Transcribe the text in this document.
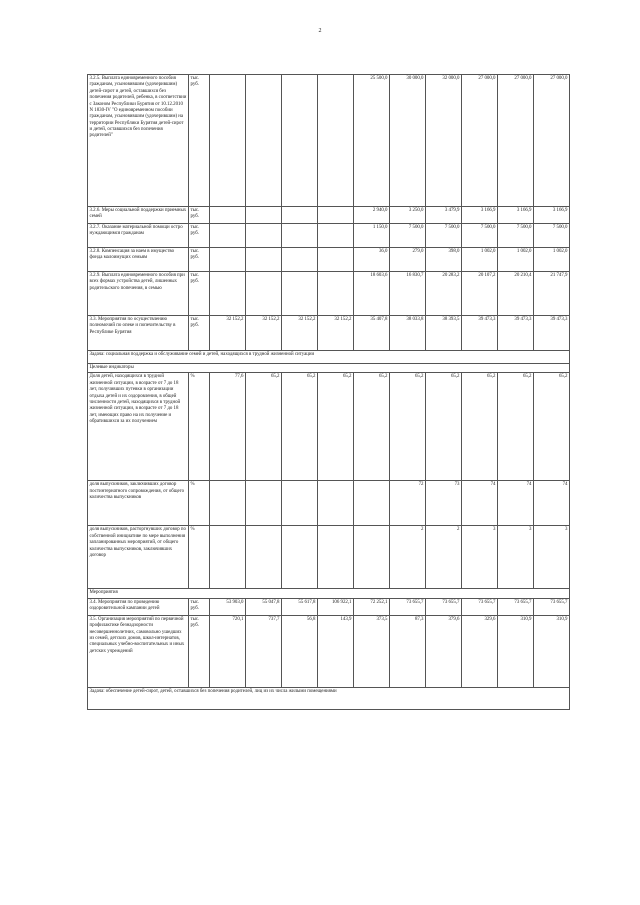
2
3.2.5. Выплата единовременного пособия гражданам, усыновившим (удочерившим) детей-сирот и детей, оставшихся без попечения родителей, ребенка, в соответствии с Законом Республики Бурятия от 10.12.2010 N 1830-IV "О единовременном пособии гражданам, усыновившим (удочерившим) на территории Республики Бурятия детей-сирот и детей, оставшихся без попечения родителей"	тыс. руб.					25 500,0	30 000,0	32 000,0	27 000,0	27 000,0	27 000,0
3.2.6. Меры социальной поддержки приемных семей	тыс. руб.					2 940,0	3 250,0	3 479,9	3 166,9	3 166,9	3 166,9
3.2.7. Оказание материальной помощи остро нуждающимся гражданам	тыс. руб.					1 150,0	7 500,0	7 500,0	7 500,0	7 500,0	7 500,0
3.2.8. Компенсация за наем в имущество фонда малоимущих семьям	тыс. руб.					36,0	279,0	398,0	1 002,0	1 002,0	1 002,0
3.2.9. Выплата единовременного пособия при всех формах устройства детей, лишенных родительского попечения, в семью	тыс. руб.					18 603,6	16 830,7	20 283,2	20 107,2	20 210,4	21 747,9
3.3. Мероприятия по осуществлению полномочий по опеке и попечительству в Республике Бурятия	тыс. руб.	32 152,2	32 152,2	32 152,2	32 152,2	35 407,8	38 033,8	38 393,5	39 473,3	39 473,3	39 473,3
Задача: социальная поддержка и обслуживание семей и детей, находящихся в трудной жизненной ситуации											
Целевые индикаторы											
Доля детей, находящихся в трудной жизненной ситуации, в возрасте от 7 до 18 лет, получивших путевки в организации отдыха детей и их оздоровления, в общей численности детей, находящихся в трудной жизненной ситуации, в возрасте от 7 до 18 лет, имеющих право на их получение и обратившихся за их получением	%	77,6	65,2	65,2	65,2	65,2	65,2	65,2	65,2	65,2	65,2
доля выпускников, заключивших договор постинтернатного сопровождения, от общего количества выпускников	%						72	73	74	74	74
доля выпускников, расторгнувших договор по собственной инициативе по мере выполнения запланированных мероприятий, от общего количества выпускников, заключивших договор	%						2	2	3	3	3
Мероприятия											
3.4. Мероприятия по проведению оздоровительной кампании детей	тыс. руб.	53 903,0	55 047,8	55 617,8	106 922,1	72 252,1	73 655,7	73 655,7	73 655,7	73 655,7	73 655,7
3.5. Организация мероприятий по первичной профилактике безнадзорности несовершеннолетних, самовольно ушедших из семей, детских домов, школ-интернатов, специальных учебно-воспитательных и иных детских учреждений	тыс. руб.	720,1	737,7	56,8	143,9	373,5	87,3	379,6	329,6	310,9	310,9
Задача: обеспечение детей-сирот, детей, оставшихся без попечения родителей, лиц из их числа жилыми помещениями											
